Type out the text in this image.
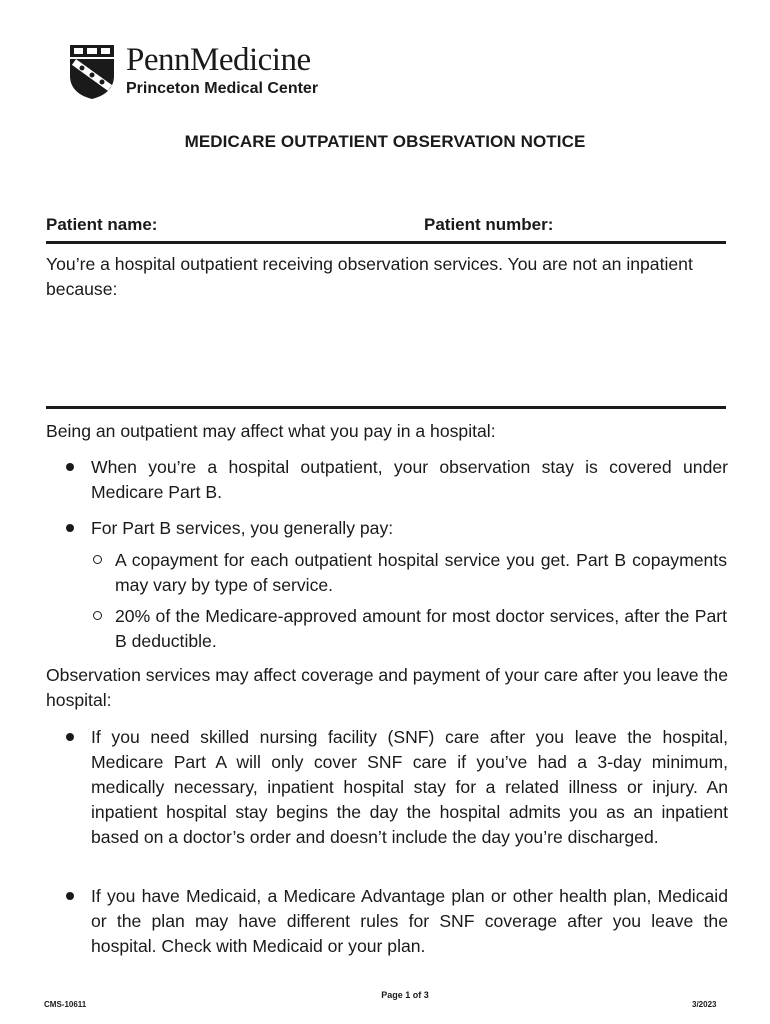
PennMedicine
Princeton Medical Center
MEDICARE OUTPATIENT OBSERVATION NOTICE
Patient name:	Patient number:
You’re a hospital outpatient receiving observation services. You are not an inpatient because:
Being an outpatient may affect what you pay in a hospital:
When you’re a hospital outpatient, your observation stay is covered under Medicare Part B.
For Part B services, you generally pay:
A copayment for each outpatient hospital service you get. Part B copayments may vary by type of service.
20% of the Medicare-approved amount for most doctor services, after the Part B deductible.
Observation services may affect coverage and payment of your care after you leave the hospital:
If you need skilled nursing facility (SNF) care after you leave the hospital, Medicare Part A will only cover SNF care if you’ve had a 3-day minimum, medically necessary, inpatient hospital stay for a related illness or injury. An inpatient hospital stay begins the day the hospital admits you as an inpatient based on a doctor’s order and doesn’t include the day you’re discharged.
If you have Medicaid, a Medicare Advantage plan or other health plan, Medicaid or the plan may have different rules for SNF coverage after you leave the hospital. Check with Medicaid or your plan.
CMS-10611
Page 1 of 3
3/2023
